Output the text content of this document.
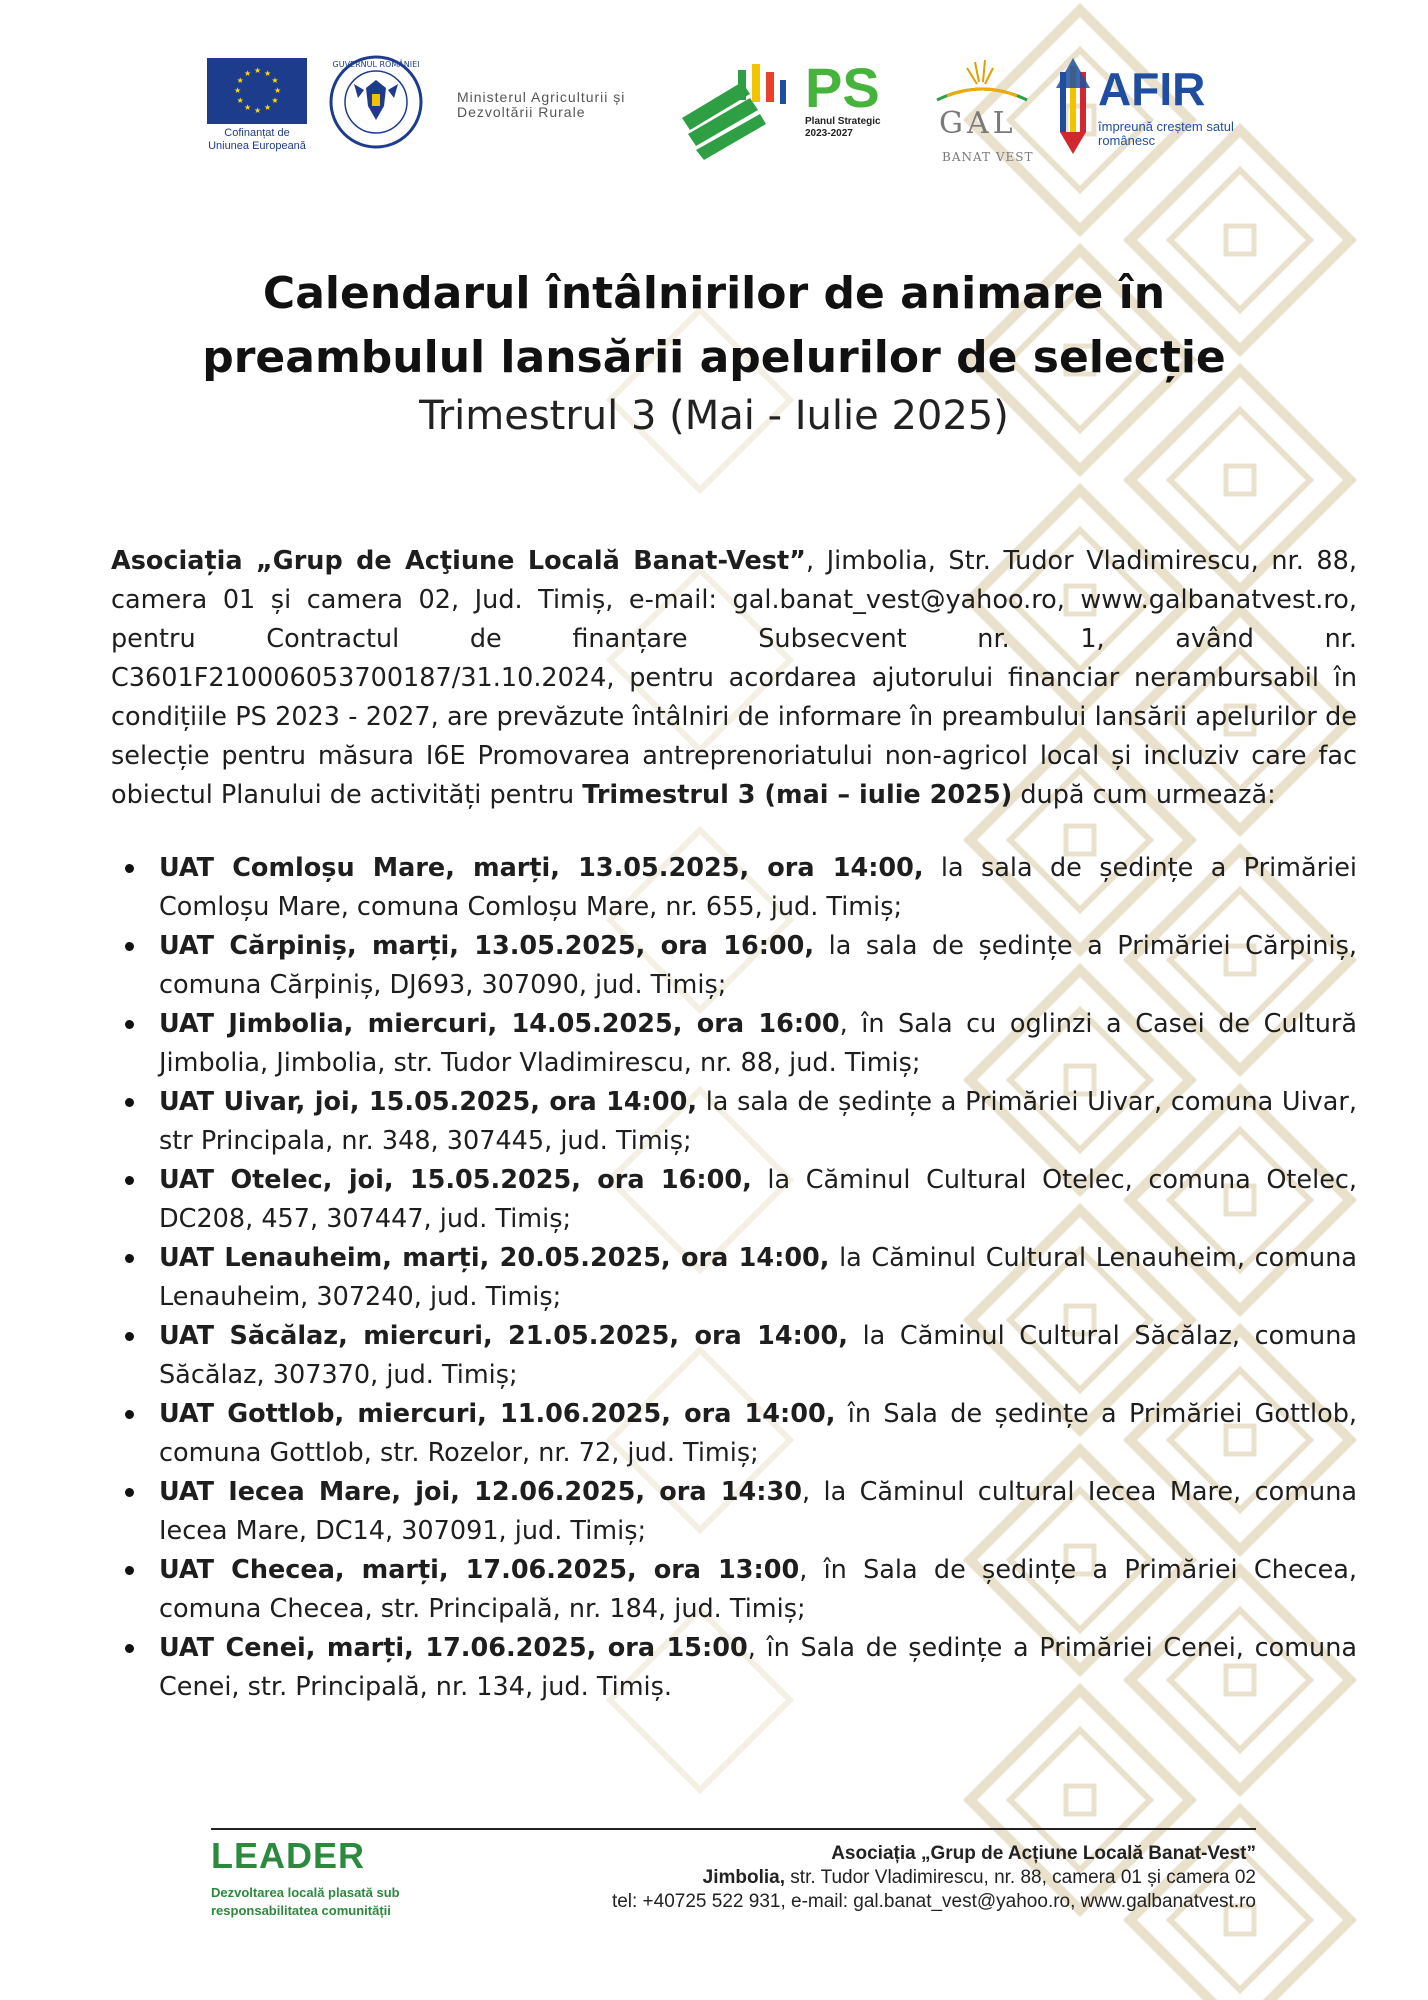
★
★
★
★
★
★
★
★
★ ★ ★
★
Cofinanțat de Uniunea Europeană
GUVERNUL ROMÂNIEI
Ministerul Agriculturii și Dezvoltării Rurale	PS
Planul Strategic 2023-2027	GAL
BANAT VEST
AFIR
împreună creștem satul românesc

Calendarul întâlnirilor de animare în

preambulul lansării apelurilor de selecție

Trimestrul 3 (Mai - Iulie 2025)

Asociația „Grup de Acţiune Locală Banat-Vest”, Jimbolia, Str. Tudor Vladimirescu, nr. 88, camera 01 și camera 02, Jud. Timiș, e-mail: gal.banat_vest@yahoo.ro, www.galbanatvest.ro, pentru Contractul de finanțare Subsecvent nr. 1, având nr. C3601F210006053700187/31.10.2024, pentru acordarea ajutorului financiar nerambursabil în condițiile PS 2023 - 2027, are prevăzute întâlniri de informare în preambului lansării apelurilor de selecție pentru măsura I6E Promovarea antreprenoriatului non-agricol local și incluziv care fac obiectul Planului de activități pentru Trimestrul 3 (mai – iulie 2025) după cum urmează:

UAT Comloșu Mare, marți, 13.05.2025, ora 14:00, la sala de ședințe a Primăriei Comloșu Mare, comuna Comloșu Mare, nr. 655, jud. Timiș;
UAT Cărpiniș, marți, 13.05.2025, ora 16:00, la sala de ședințe a Primăriei Cărpiniș, comuna Cărpiniș, DJ693, 307090, jud. Timiș;
UAT Jimbolia, miercuri, 14.05.2025, ora 16:00, în Sala cu oglinzi a Casei de Cultură Jimbolia, Jimbolia, str. Tudor Vladimirescu, nr. 88, jud. Timiș;
UAT Uivar, joi, 15.05.2025, ora 14:00, la sala de ședințe a Primăriei Uivar, comuna Uivar, str Principala, nr. 348, 307445, jud. Timiș;
UAT Otelec, joi, 15.05.2025, ora 16:00, la Căminul Cultural Otelec, comuna Otelec, DC208, 457, 307447, jud. Timiș;
UAT Lenauheim, marți, 20.05.2025, ora 14:00, la Căminul Cultural Lenauheim, comuna Lenauheim, 307240, jud. Timiș;
UAT Săcălaz, miercuri, 21.05.2025, ora 14:00, la Căminul Cultural Săcălaz, comuna Săcălaz, 307370, jud. Timiș;
UAT Gottlob, miercuri, 11.06.2025, ora 14:00, în Sala de ședințe a Primăriei Gottlob, comuna Gottlob, str. Rozelor, nr. 72, jud. Timiș;
UAT Iecea Mare, joi, 12.06.2025, ora 14:30, la Căminul cultural Iecea Mare, comuna Iecea Mare, DC14, 307091, jud. Timiș;
UAT Checea, marți, 17.06.2025, ora 13:00, în Sala de ședințe a Primăriei Checea, comuna Checea, str. Principală, nr. 184, jud. Timiș;
UAT Cenei, marți, 17.06.2025, ora 15:00, în Sala de ședințe a Primăriei Cenei, comuna Cenei, str. Principală, nr. 134, jud. Timiș.
LEADER
Dezvoltarea locală plasată sub responsabilitatea comunității
Asociația „Grup de Acțiune Locală Banat-Vest”
Jimbolia, str. Tudor Vladimirescu, nr. 88, camera 01 și camera 02
tel: +40725 522 931, e-mail: gal.banat_vest@yahoo.ro, www.galbanatvest.ro
